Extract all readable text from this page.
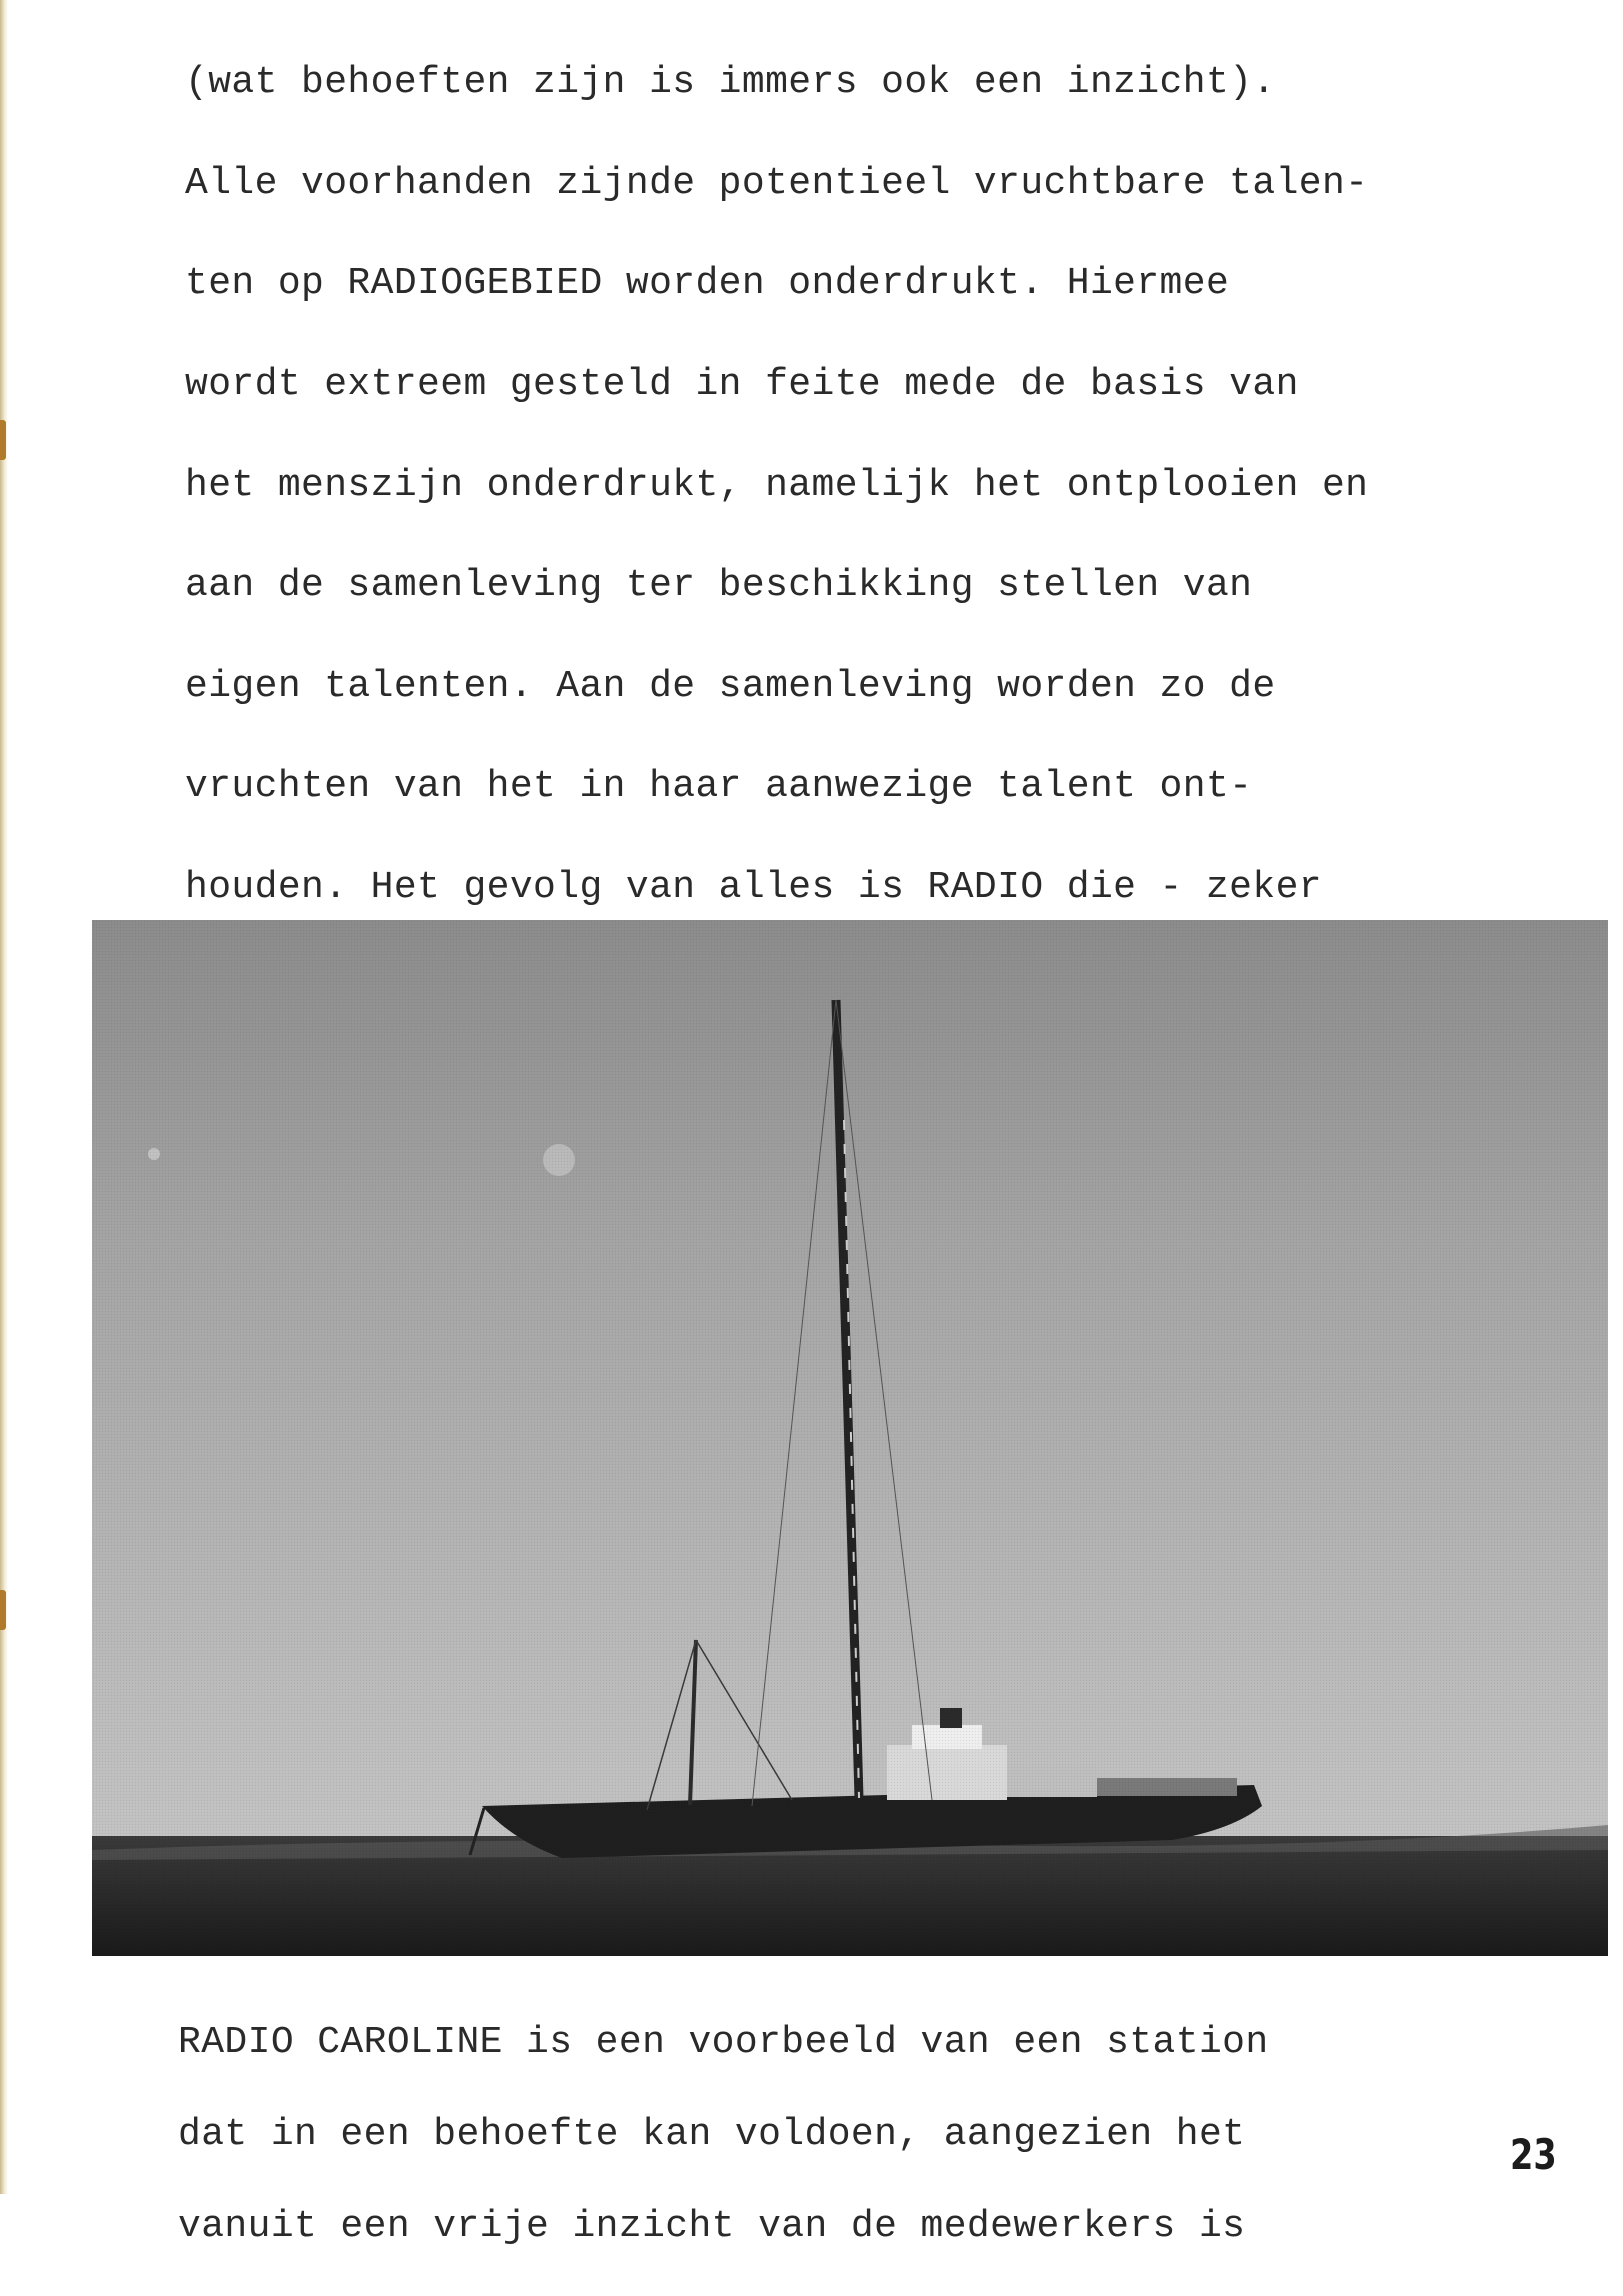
(wat behoeften zijn is immers ook een inzicht).

Alle voorhanden zijnde potentieel vruchtbare talen-

ten op RADIOGEBIED worden onderdrukt. Hiermee

wordt extreem gesteld in feite mede de basis van

het menszijn onderdrukt, namelijk het ontplooien en

aan de samenleving ter beschikking stellen van

eigen talenten. Aan de samenleving worden zo de

vruchten van het in haar aanwezige talent ont-

houden. Het gevolg van alles is RADIO die - zeker

RADIO CAROLINE is een voorbeeld van een station

dat in een behoefte kan voldoen, aangezien het

vanuit een vrije inzicht van de medewerkers is

23
